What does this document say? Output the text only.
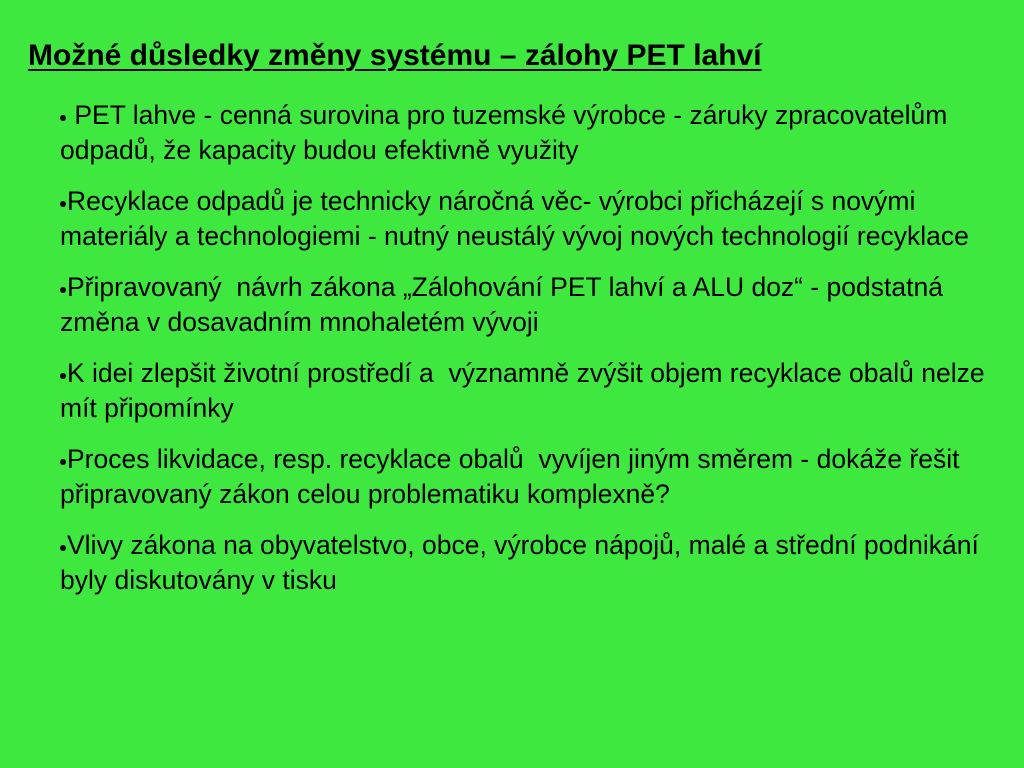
Možné důsledky změny systému – zálohy PET lahví
PET lahve - cenná surovina pro tuzemské výrobce - záruky zpracovatelům odpadů, že kapacity budou efektivně využity
Recyklace odpadů je technicky náročná věc- výrobci přicházejí s novými materiály a technologiemi - nutný neustálý vývoj nových technologií recyklace
Připravovaný  návrh zákona „Zálohování PET lahví a ALU doz“ - podstatná změna v dosavadním mnohaletém vývoji
K idei zlepšit životní prostředí a  významně zvýšit objem recyklace obalů nelze mít připomínky
Proces likvidace, resp. recyklace obalů  vyvíjen jiným směrem - dokáže řešit připravovaný zákon celou problematiku komplexně?
Vlivy zákona na obyvatelstvo, obce, výrobce nápojů, malé a střední podnikání byly diskutovány v tisku
